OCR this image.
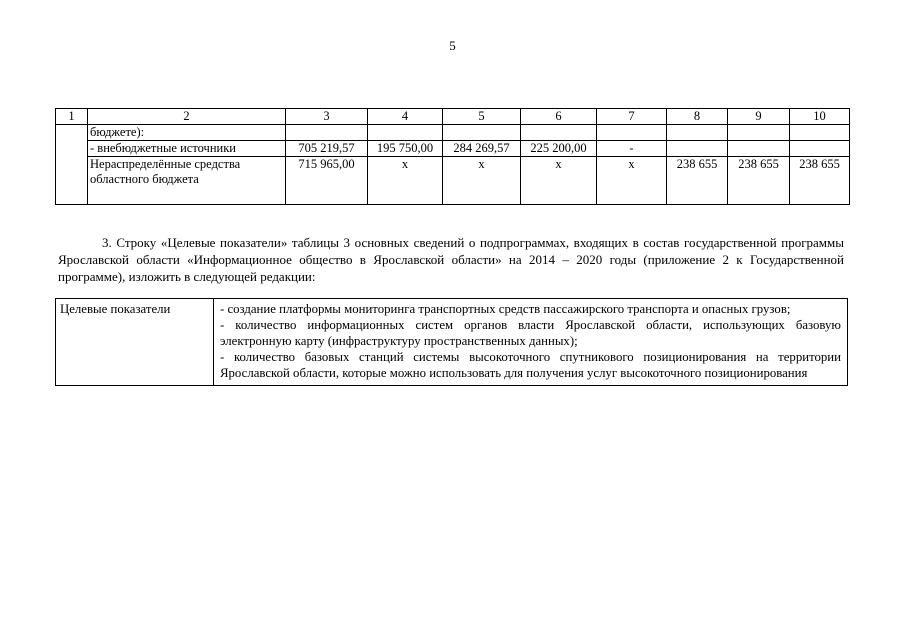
5
1	2	3	4	5	6	7	8	9	10
	бюджете):								
	- внебюджетные источники	705 219,57	195 750,00	284 269,57	225 200,00	-			
	Нераспределённые средства областного бюджета	715 965,00	х	х	х	х	238 655	238 655	238 655
3. Строку «Целевые показатели» таблицы 3 основных сведений о подпрограммах, входящих в состав государственной программы Ярославской области «Информационное общество в Ярославской области» на 2014 – 2020 годы (приложение 2 к Государственной программе), изложить в следующей редакции:
Целевые показатели	- создание платформы мониторинга транспортных средств пассажирского транспорта и опасных грузов;
- количество информационных систем органов власти Ярославской области, использующих базовую электронную карту (инфраструктуру пространственных данных);
- количество базовых станций системы высокоточного спутникового позиционирования на территории Ярославской области, которые можно использовать для получения услуг высокоточного позиционирования
